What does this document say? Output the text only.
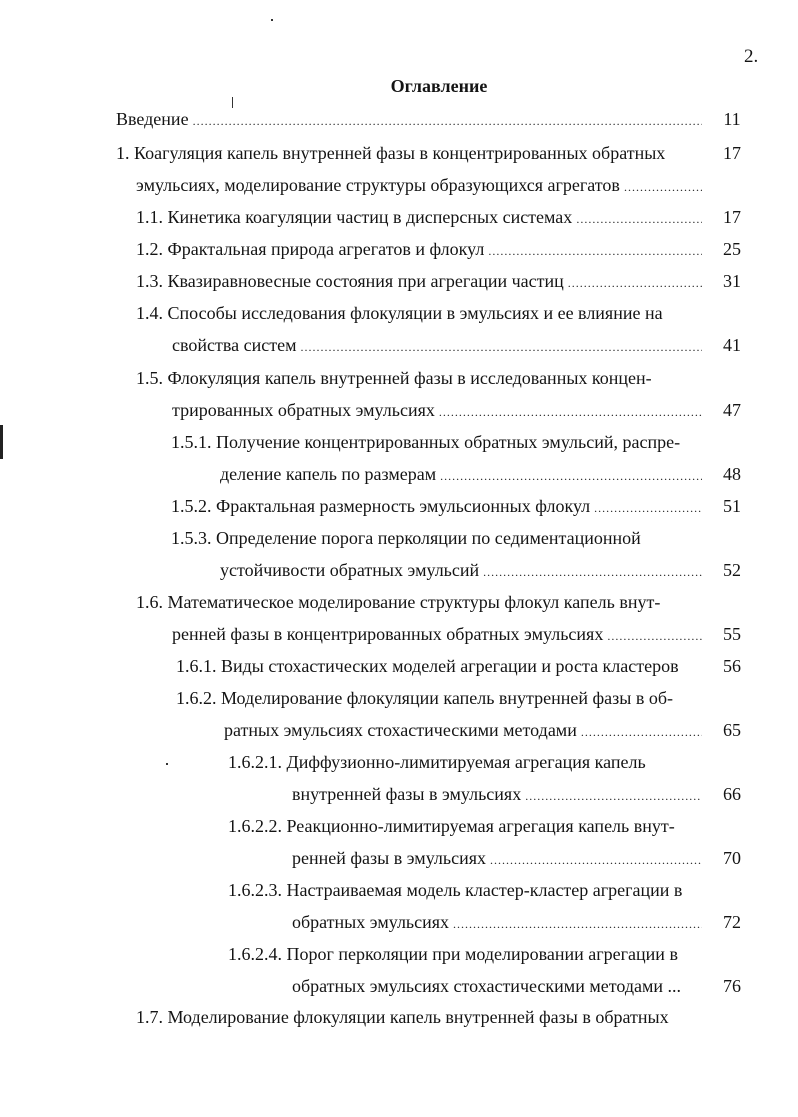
2.
Оглавление
Введение .....	11
1. Коагуляция капель внутренней фазы в концентрированных обратных	17
эмульсиях, моделирование структуры образующихся агрегатов
.....
1.1. Кинетика коагуляции частиц в дисперсных системах .....	17
1.2. Фрактальная природа агрегатов и флокул .....	25
1.3. Квазиравновесные состояния при агрегации частиц .....	31
1.4. Способы исследования флокуляции в эмульсиях и ее влияние на
свойства систем .....	41
1.5. Флокуляция капель внутренней фазы в исследованных концен-
трированных обратных эмульсиях .....	47
1.5.1. Получение концентрированных обратных эмульсий, распре-
деление капель по размерам .....	48
1.5.2. Фрактальная размерность эмульсионных флокул .....	51
1.5.3. Определение порога перколяции по седиментационной
устойчивости обратных эмульсий .....	52
1.6. Математическое моделирование структуры флокул капель внут-
ренней фазы в концентрированных обратных эмульсиях .....	55
1.6.1. Виды стохастических моделей агрегации и роста кластеров 56
1.6.2. Моделирование флокуляции капель внутренней фазы в об-
ратных эмульсиях стохастическими методами .....	65
1.6.2.1. Диффузионно-лимитируемая агрегация капель
внутренней фазы в эмульсиях .....	66
1.6.2.2. Реакционно-лимитируемая агрегация капель внут-
ренней фазы в эмульсиях .....	70
1.6.2.3. Настраиваемая модель кластер-кластер агрегации в
обратных эмульсиях .....	72
1.6.2.4. Порог перколяции при моделировании агрегации в
обратных эмульсиях стохастическими методами ... 76
1.7. Моделирование флокуляции капель внутренней фазы в обратных
